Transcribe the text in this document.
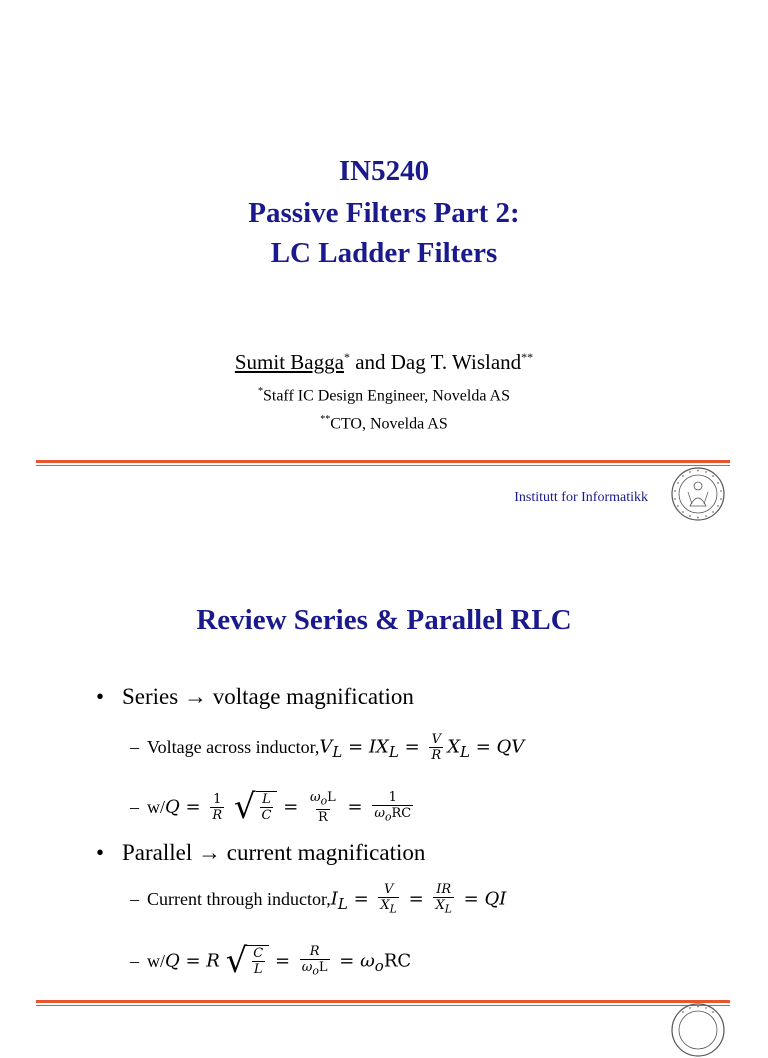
IN5240
Passive Filters Part 2:
LC Ladder Filters
Sumit Bagga* and Dag T. Wisland**
*Staff IC Design Engineer, Novelda AS
**CTO, Novelda AS
Institutt for Informatikk
Review Series & Parallel RLC
• Series → voltage magnification
– Voltage across inductor, $V_L = IX_L = \frac{V}{R} X_L$ = QV
– w/ $Q = \frac{1}{R}$
√ $\frac{L}{C} = \frac{\omega_oL}{R} = \frac{1}{\omega_oRC}$
• Parallel → current magnification
– Current through inductor, $I_L = \frac{V}{X_L} = \frac{IR}{X_L}$ = QI
– w/ Q = R √ $\frac{C}{L} = \frac{R}{\omega_oL} = \omega_oRC$
